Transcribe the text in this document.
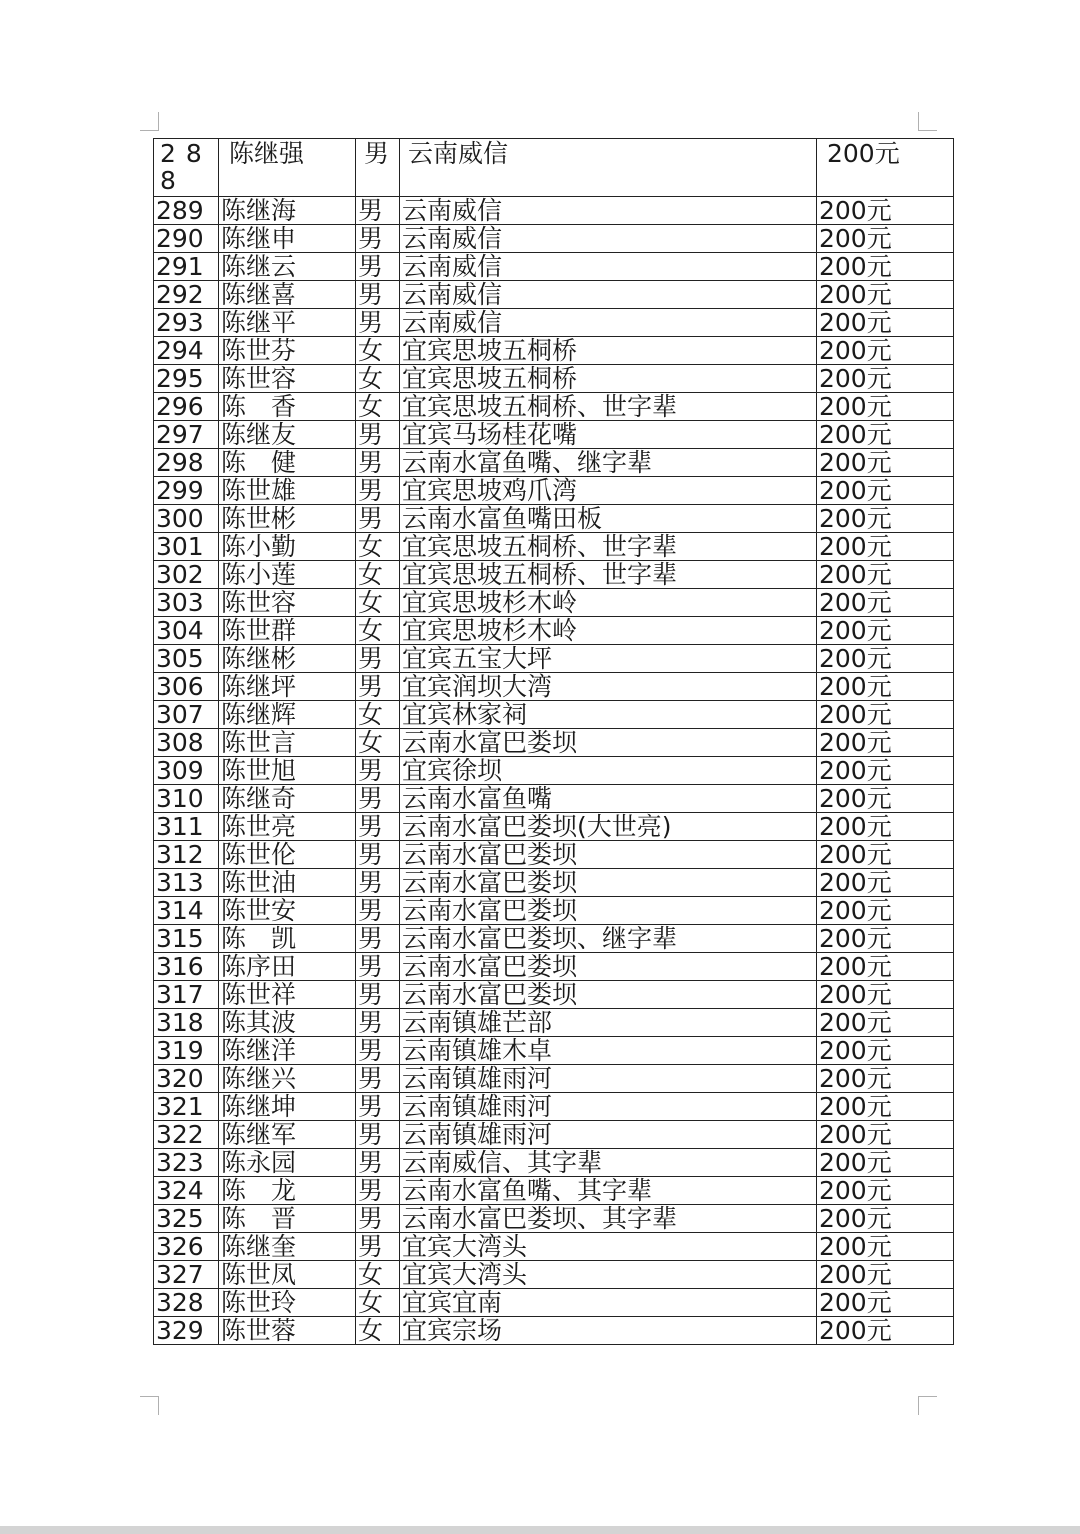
288	陈继强	男	云南威信	200元
289	陈继海	男	云南威信	200元
290	陈继申	男	云南威信	200元
291	陈继云	男	云南威信	200元
292	陈继喜	男	云南威信	200元
293	陈继平	男	云南威信	200元
294	陈世芬	女	宜宾思坡五桐桥	200元
295	陈世容	女	宜宾思坡五桐桥	200元
296	陈　香	女	宜宾思坡五桐桥、世字辈	200元
297	陈继友	男	宜宾马场桂花嘴	200元
298	陈　健	男	云南水富鱼嘴、继字辈	200元
299	陈世雄	男	宜宾思坡鸡爪湾	200元
300	陈世彬	男	云南水富鱼嘴田板	200元
301	陈小勤	女	宜宾思坡五桐桥、世字辈	200元
302	陈小莲	女	宜宾思坡五桐桥、世字辈	200元
303	陈世容	女	宜宾思坡杉木岭	200元
304	陈世群	女	宜宾思坡杉木岭	200元
305	陈继彬	男	宜宾五宝大坪	200元
306	陈继坪	男	宜宾润坝大湾	200元
307	陈继辉	女	宜宾林家祠	200元
308	陈世言	女	云南水富巴娄坝	200元
309	陈世旭	男	宜宾徐坝	200元
310	陈继奇	男	云南水富鱼嘴	200元
311	陈世亮	男	云南水富巴娄坝(大世亮)	200元
312	陈世伦	男	云南水富巴娄坝	200元
313	陈世油	男	云南水富巴娄坝	200元
314	陈世安	男	云南水富巴娄坝	200元
315	陈　凯	男	云南水富巴娄坝、继字辈	200元
316	陈序田	男	云南水富巴娄坝	200元
317	陈世祥	男	云南水富巴娄坝	200元
318	陈其波	男	云南镇雄芒部	200元
319	陈继洋	男	云南镇雄木卓	200元
320	陈继兴	男	云南镇雄雨河	200元
321	陈继坤	男	云南镇雄雨河	200元
322	陈继军	男	云南镇雄雨河	200元
323	陈永园	男	云南威信、其字辈	200元
324	陈　龙	男	云南水富鱼嘴、其字辈	200元
325	陈　晋	男	云南水富巴娄坝、其字辈	200元
326	陈继奎	男	宜宾大湾头	200元
327	陈世凤	女	宜宾大湾头	200元
328	陈世玲	女	宜宾宜南	200元
329	陈世蓉	女	宜宾宗场	200元
